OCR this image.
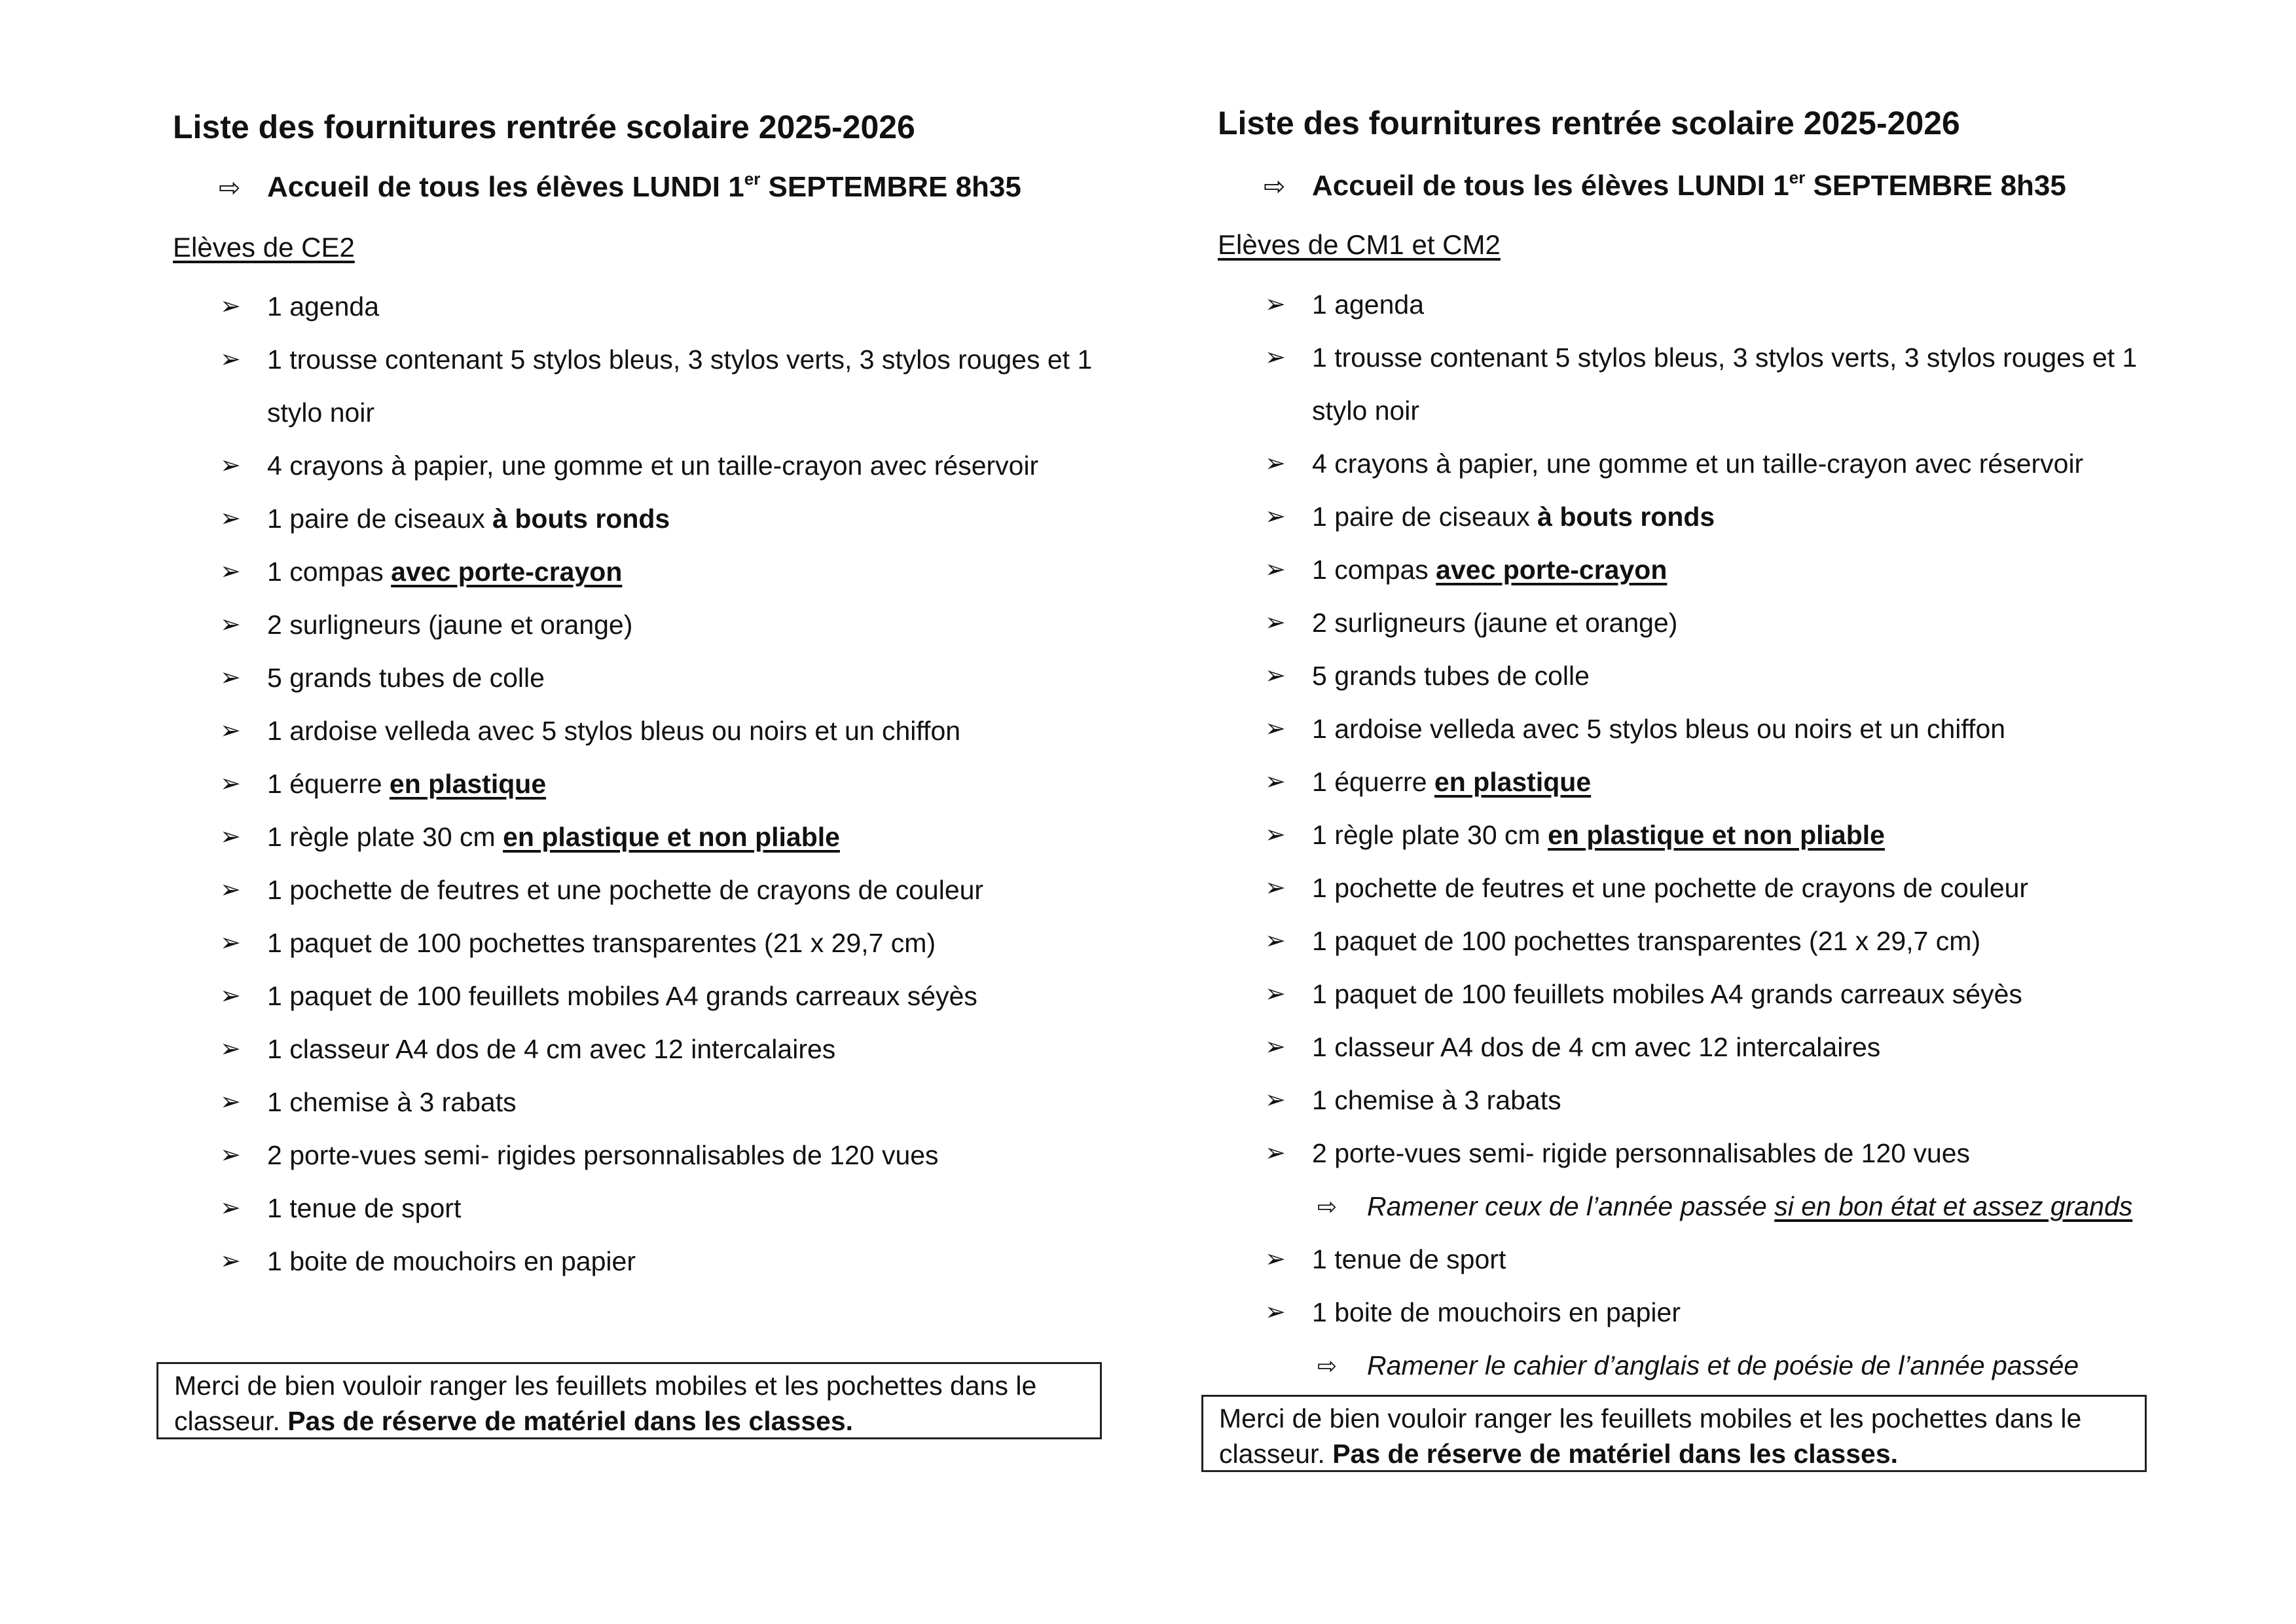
Liste des fournitures rentrée scolaire 2025-2026
⇨ Accueil de tous les élèves LUNDI 1er SEPTEMBRE 8h35
Elèves de CE2
➢ 1 agenda
➢ 1 trousse contenant 5 stylos bleus, 3 stylos verts, 3 stylos rouges et 1 stylo noir
➢ 4 crayons à papier, une gomme et un taille-crayon avec réservoir
➢ 1 paire de ciseaux à bouts ronds
➢ 1 compas avec porte-crayon
➢ 2 surligneurs (jaune et orange)
➢ 5 grands tubes de colle
➢ 1 ardoise velleda avec 5 stylos bleus ou noirs et un chiffon
➢ 1 équerre en plastique
➢ 1 règle plate 30 cm en plastique et non pliable
➢ 1 pochette de feutres et une pochette de crayons de couleur
➢ 1 paquet de 100 pochettes transparentes (21 x 29,7 cm)
➢ 1 paquet de 100 feuillets mobiles A4 grands carreaux séyès
➢ 1 classeur A4 dos de 4 cm avec 12 intercalaires
➢ 1 chemise à 3 rabats
➢ 2 porte-vues semi- rigides personnalisables de 120 vues
➢ 1 tenue de sport
➢ 1 boite de mouchoirs en papier
Merci de bien vouloir ranger les feuillets mobiles et les pochettes dans le classeur. Pas de réserve de matériel dans les classes.
Liste des fournitures rentrée scolaire 2025-2026
⇨ Accueil de tous les élèves LUNDI 1er SEPTEMBRE 8h35
Elèves de CM1 et CM2
➢ 1 agenda
➢ 1 trousse contenant 5 stylos bleus, 3 stylos verts, 3 stylos rouges et 1 stylo noir
➢ 4 crayons à papier, une gomme et un taille-crayon avec réservoir
➢ 1 paire de ciseaux à bouts ronds
➢ 1 compas avec porte-crayon
➢ 2 surligneurs (jaune et orange)
➢ 5 grands tubes de colle
➢ 1 ardoise velleda avec 5 stylos bleus ou noirs et un chiffon
➢ 1 équerre en plastique
➢ 1 règle plate 30 cm en plastique et non pliable
➢ 1 pochette de feutres et une pochette de crayons de couleur
➢ 1 paquet de 100 pochettes transparentes (21 x 29,7 cm)
➢ 1 paquet de 100 feuillets mobiles A4 grands carreaux séyès
➢ 1 classeur A4 dos de 4 cm avec 12 intercalaires
➢ 1 chemise à 3 rabats
➢ 2 porte-vues semi- rigide personnalisables de 120 vues
⇨ Ramener ceux de l’année passée si en bon état et assez grands
➢ 1 tenue de sport
➢ 1 boite de mouchoirs en papier
⇨ Ramener le cahier d’anglais et de poésie de l’année passée
Merci de bien vouloir ranger les feuillets mobiles et les pochettes dans le classeur. Pas de réserve de matériel dans les classes.
